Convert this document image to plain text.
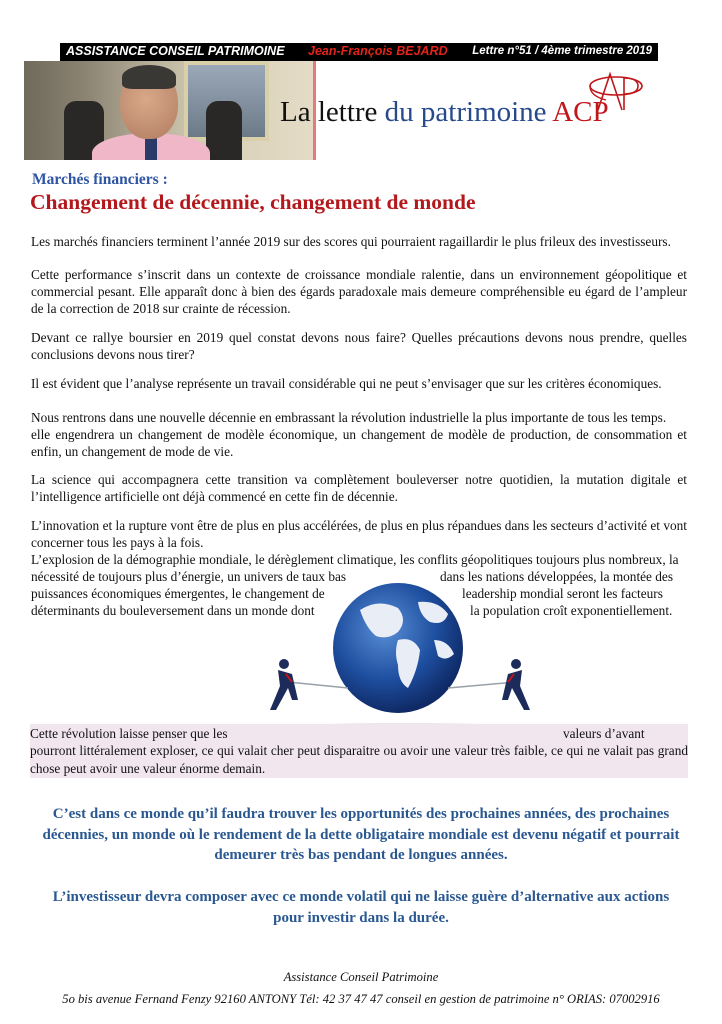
ASSISTANCE CONSEIL PATRIMOINE Jean-François BEJARD Lettre n°51 / 4ème trimestre 2019
La lettre du patrimoine ACP
Marchés financiers :
Changement de décennie, changement de monde

Les marchés financiers terminent l’année 2019 sur des scores qui pourraient ragaillardir le plus frileux des investisseurs.

Cette performance s’inscrit dans un contexte de croissance mondiale ralentie, dans un environnement géopolitique et commercial pesant. Elle apparaît donc à bien des égards paradoxale mais demeure compréhensible eu égard de l’ampleur de la correction de 2018 sur crainte de récession.

Devant ce rallye boursier en 2019 quel constat devons nous faire? Quelles précautions devons nous prendre, quelles conclusions devons nous tirer?

Il est évident que l’analyse représente un travail considérable qui ne peut s’envisager que sur les critères économiques.

Nous rentrons dans une nouvelle décennie en embrassant la révolution industrielle la plus importante de tous les temps.

elle engendrera un changement de modèle économique, un changement de modèle de production, de consommation et enfin, un changement de mode de vie.

La science qui accompagnera cette transition va complètement bouleverser notre quotidien, la mutation digitale et l’intelligence artificielle ont déjà commencé en cette fin de décennie.

L’innovation et la rupture vont être de plus en plus accélérées, de plus en plus répandues dans les secteurs d’activité et vont concerner tous les pays à la fois.

L’explosion de la démographie mondiale, le dérèglement climatique, les conflits géopolitiques toujours plus nombreux, la

nécessité de toujours plus d’énergie, un univers de taux bas	dans les nations développées, la montée des
puissances économiques émergentes, le changement de	leadership mondial seront les facteurs
déterminants du bouleversement dans un monde dont	la population croît exponentiellement.
Cette révolution laisse penser que les	valeurs d’avant
pourront littéralement exploser, ce qui valait cher peut disparaitre ou avoir une valeur très faible, ce qui ne valait pas grand chose peut avoir une valeur énorme demain.
C’est dans ce monde qu’il faudra trouver les opportunités des prochaines années, des prochaines décennies, un monde où le rendement de la dette obligataire mondiale est devenu négatif et pourrait demeurer très bas pendant de longues années.
L’investisseur devra composer avec ce monde volatil qui ne laisse guère d’alternative aux actions pour investir dans la durée.
Assistance Conseil Patrimoine
5o bis avenue Fernand Fenzy 92160 ANTONY Tél: 42 37 47 47 conseil en gestion de patrimoine n° ORIAS: 07002916
